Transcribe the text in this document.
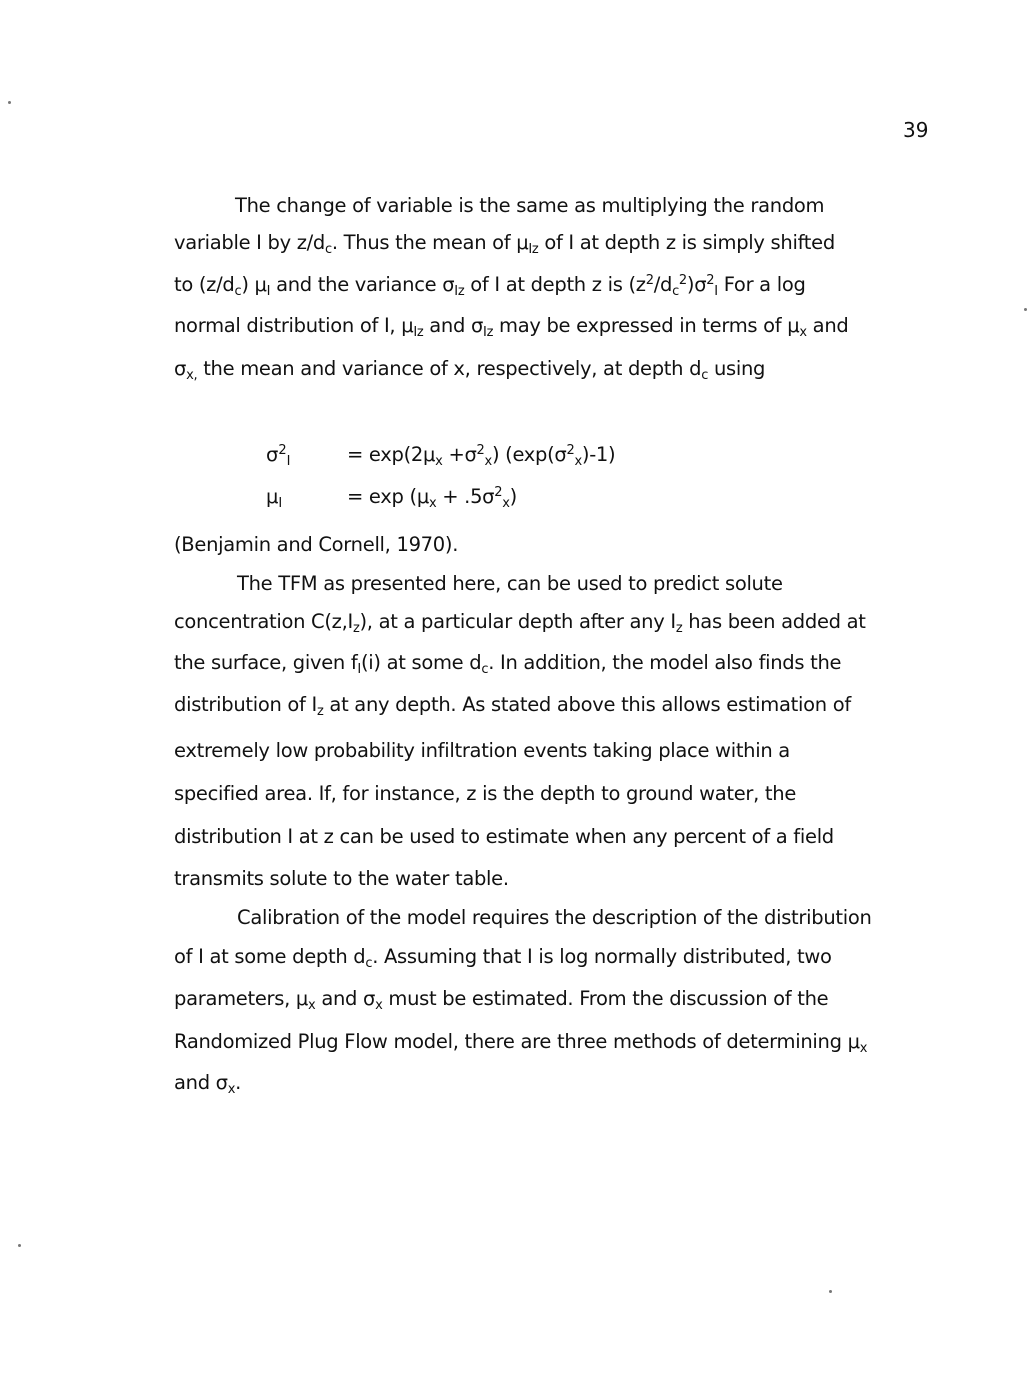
39
The change of variable is the same as multiplying the random
variable I by $z/d_c$. Thus the mean of $\mu_{Iz}$ of I at depth z is simply shifted
to $(z/d_c)$ $\mu_I$ and the variance $\sigma_{Iz}$ of I at depth z is $(z^2/d_c^2)\sigma^2_I$ For a log
normal distribution of I, $\mu_{Iz}$ and $\sigma_{Iz}$ may be expressed in terms of $\mu_x$ and
$\sigma_{x,}$ the mean and variance of x, respectively, at depth $d_c$ using
$\sigma^2_I$	= $\exp(2\mu_x +\sigma^2_x)$ $(\exp(\sigma^2_x)-1)$
$\mu_I$	= $\exp (\mu_x + .5\sigma^2_x)$
(Benjamin and Cornell, 1970).
The TFM as presented here, can be used to predict solute
concentration $C(z,I_z)$, at a particular depth after any $I_z$ has been added at
the surface, given $f_I(i)$ at some $d_c$. In addition, the model also finds the
distribution of $I_z$ at any depth. As stated above this allows estimation of
extremely low probability infiltration events taking place within a
specified area. If, for instance, z is the depth to ground water, the
distribution I at z can be used to estimate when any percent of a field
transmits solute to the water table.
Calibration of the model requires the description of the distribution
of I at some depth $d_c$. Assuming that I is log normally distributed, two
parameters, $\mu_x$ and $\sigma_x$ must be estimated. From the discussion of the
Randomized Plug Flow model, there are three methods of determining $\mu_x$
and $\sigma_x$.
